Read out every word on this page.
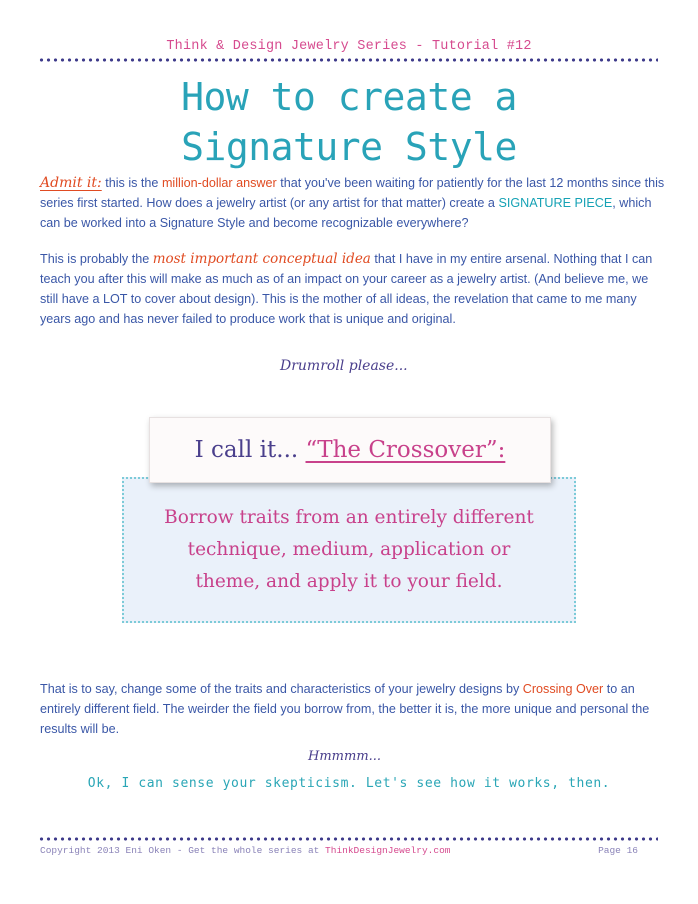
Think & Design Jewelry Series - Tutorial #12
How to create a
Signature Style
Admit it: this is the million-dollar answer that you've been waiting for patiently for the last 12 months since this series first started. How does a jewelry artist (or any artist for that matter) create a SIGNATURE PIECE, which can be worked into a Signature Style and become recognizable everywhere?
This is probably the most important conceptual idea that I have in my entire arsenal. Nothing that I can teach you after this will make as much as of an impact on your career as a jewelry artist. (And believe me, we still have a LOT to cover about design). This is the mother of all ideas, the revelation that came to me many years ago and has never failed to produce work that is unique and original.
Drumroll please...
Borrow traits from an entirely different
technique, medium, application or
theme, and apply it to your field.
I call it...
“The Crossover”:
That is to say, change some of the traits and characteristics of your jewelry designs by Crossing Over to an entirely different field. The weirder the field you borrow from, the better it is, the more unique and personal the results will be.
Hmmmm...
Ok, I can sense your skepticism. Let's see how it works, then.
Copyright 2013 Eni Oken - Get the whole series at ThinkDesignJewelry.com	Page 16
